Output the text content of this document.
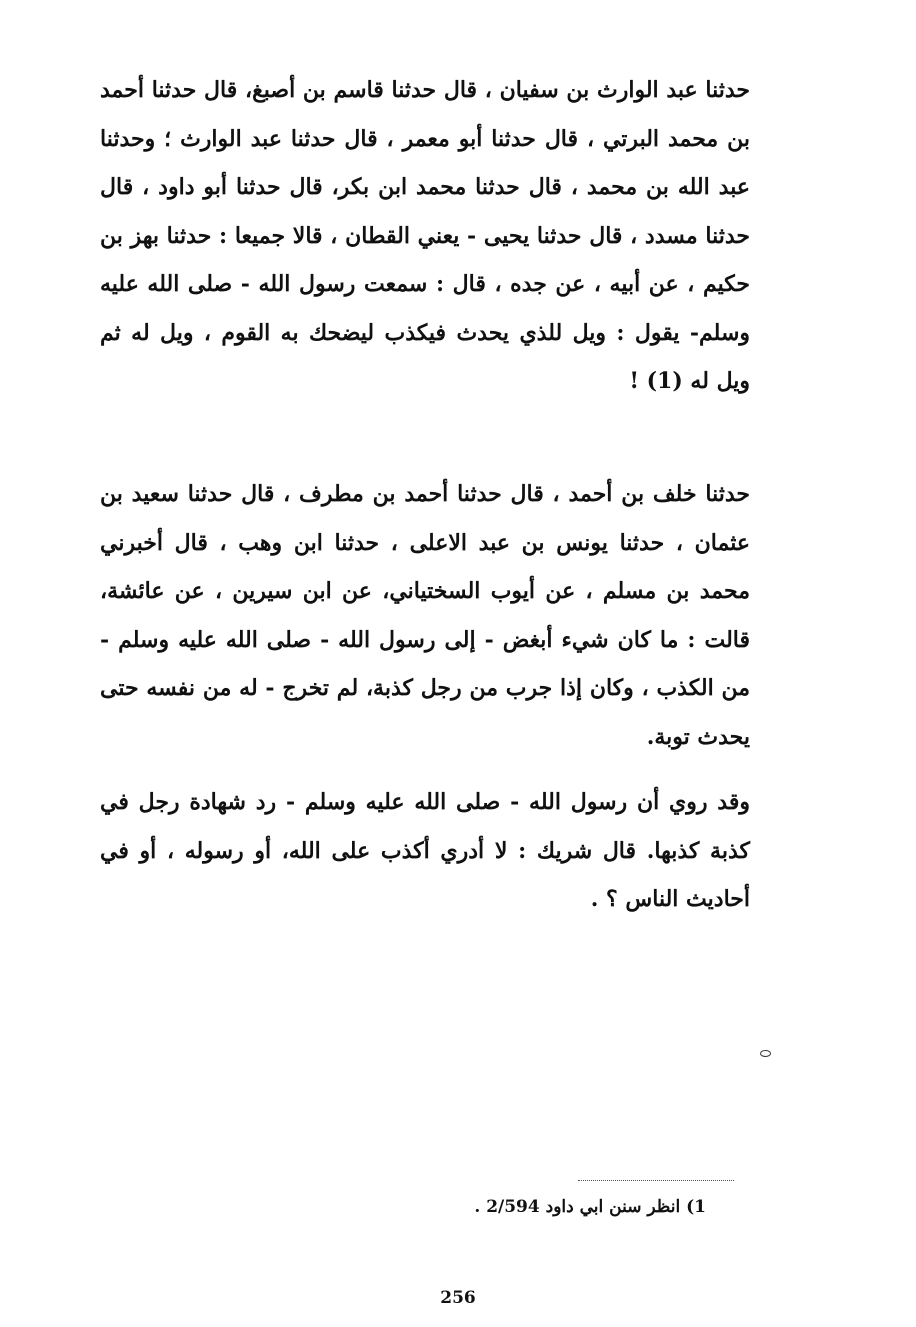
حدثنا عبد الوارث بن سفيان ، قال حدثنا قاسم بن أصبغ، قال حدثنا أحمد بن محمد البرتي ، قال حدثنا أبو معمر ، قال حدثنا عبد الوارث ؛ وحدثنا عبد الله بن محمد ، قال حدثنا محمد ابن بكر، قال حدثنا أبو داود ، قال حدثنا مسدد ، قال حدثنا يحيى - يعني القطان ، قالا جميعا : حدثنا بهز بن حكيم ، عن أبيه ، عن جده ، قال : سمعت رسول الله - صلى الله عليه وسلم- يقول : ويل للذي يحدث فيكذب ليضحك به القوم ، ويل له ثم ويل له (1) !

حدثنا خلف بن أحمد ، قال حدثنا أحمد بن مطرف ، قال حدثنا سعيد بن عثمان ، حدثنا يونس بن عبد الاعلى ، حدثنا ابن وهب ، قال أخبرني محمد بن مسلم ، عن أيوب السختياني، عن ابن سيرين ، عن عائشة، قالت : ما كان شيء أبغض - إلى رسول الله - صلى الله عليه وسلم - من الكذب ، وكان إذا جرب من رجل كذبة، لم تخرج - له من نفسه حتى يحدث توبة.

وقد روي أن رسول الله - صلى الله عليه وسلم - رد شهادة رجل في كذبة كذبها. قال شريك : لا أدري أكذب على الله، أو رسوله ، أو في أحاديث الناس ؟ .

1) انظر سنن ابي داود 2/594 .
256
